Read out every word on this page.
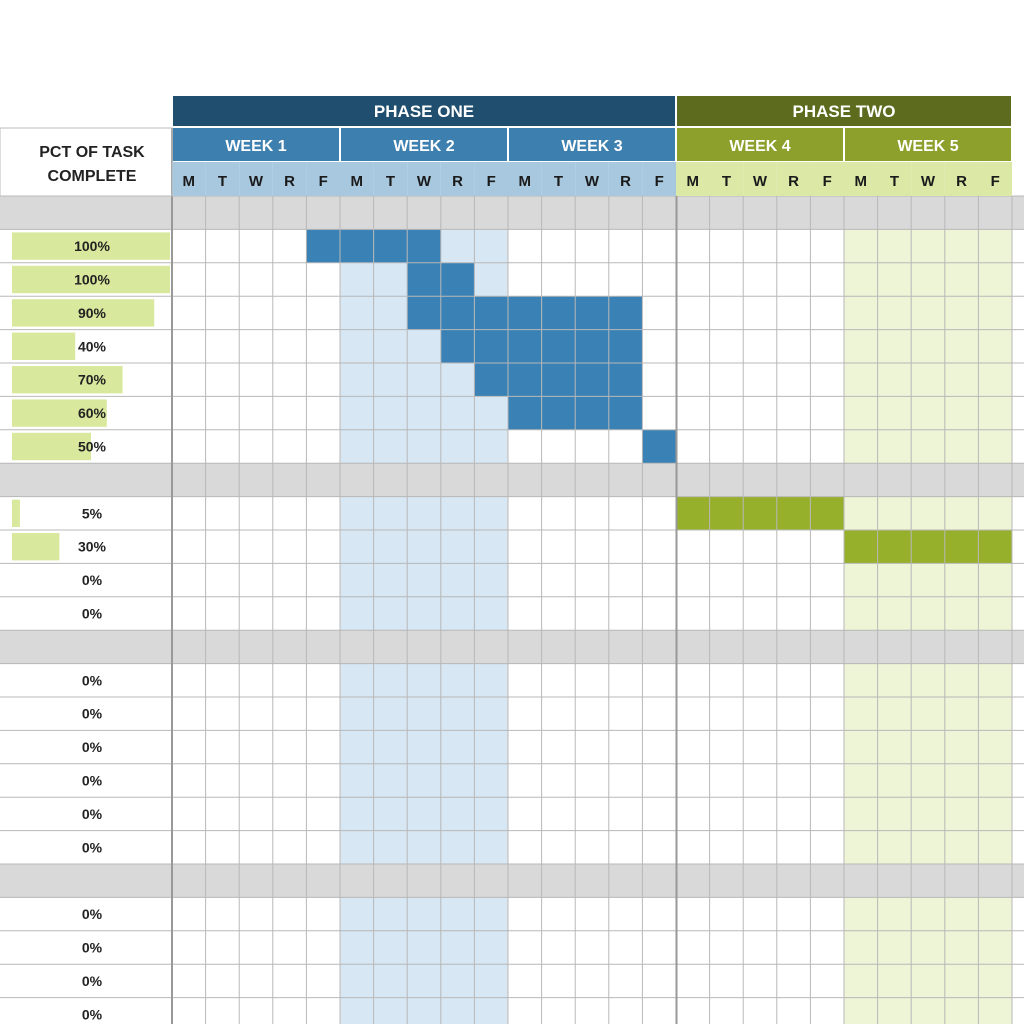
PHASE ONE	PHASE TWO
WEEK 1	WEEK 2	WEEK 3	WEEK 4	WEEK 5
M T W R F M T W R F M T W R F M T W R F M T W R F
PCT OF TASK
COMPLETE
100%
100%
90%
40%
70%
60%
50%
5%
30%
0%
0%
0%
0%
0%
0%
0%
0%
0%
0%
0%
0%
